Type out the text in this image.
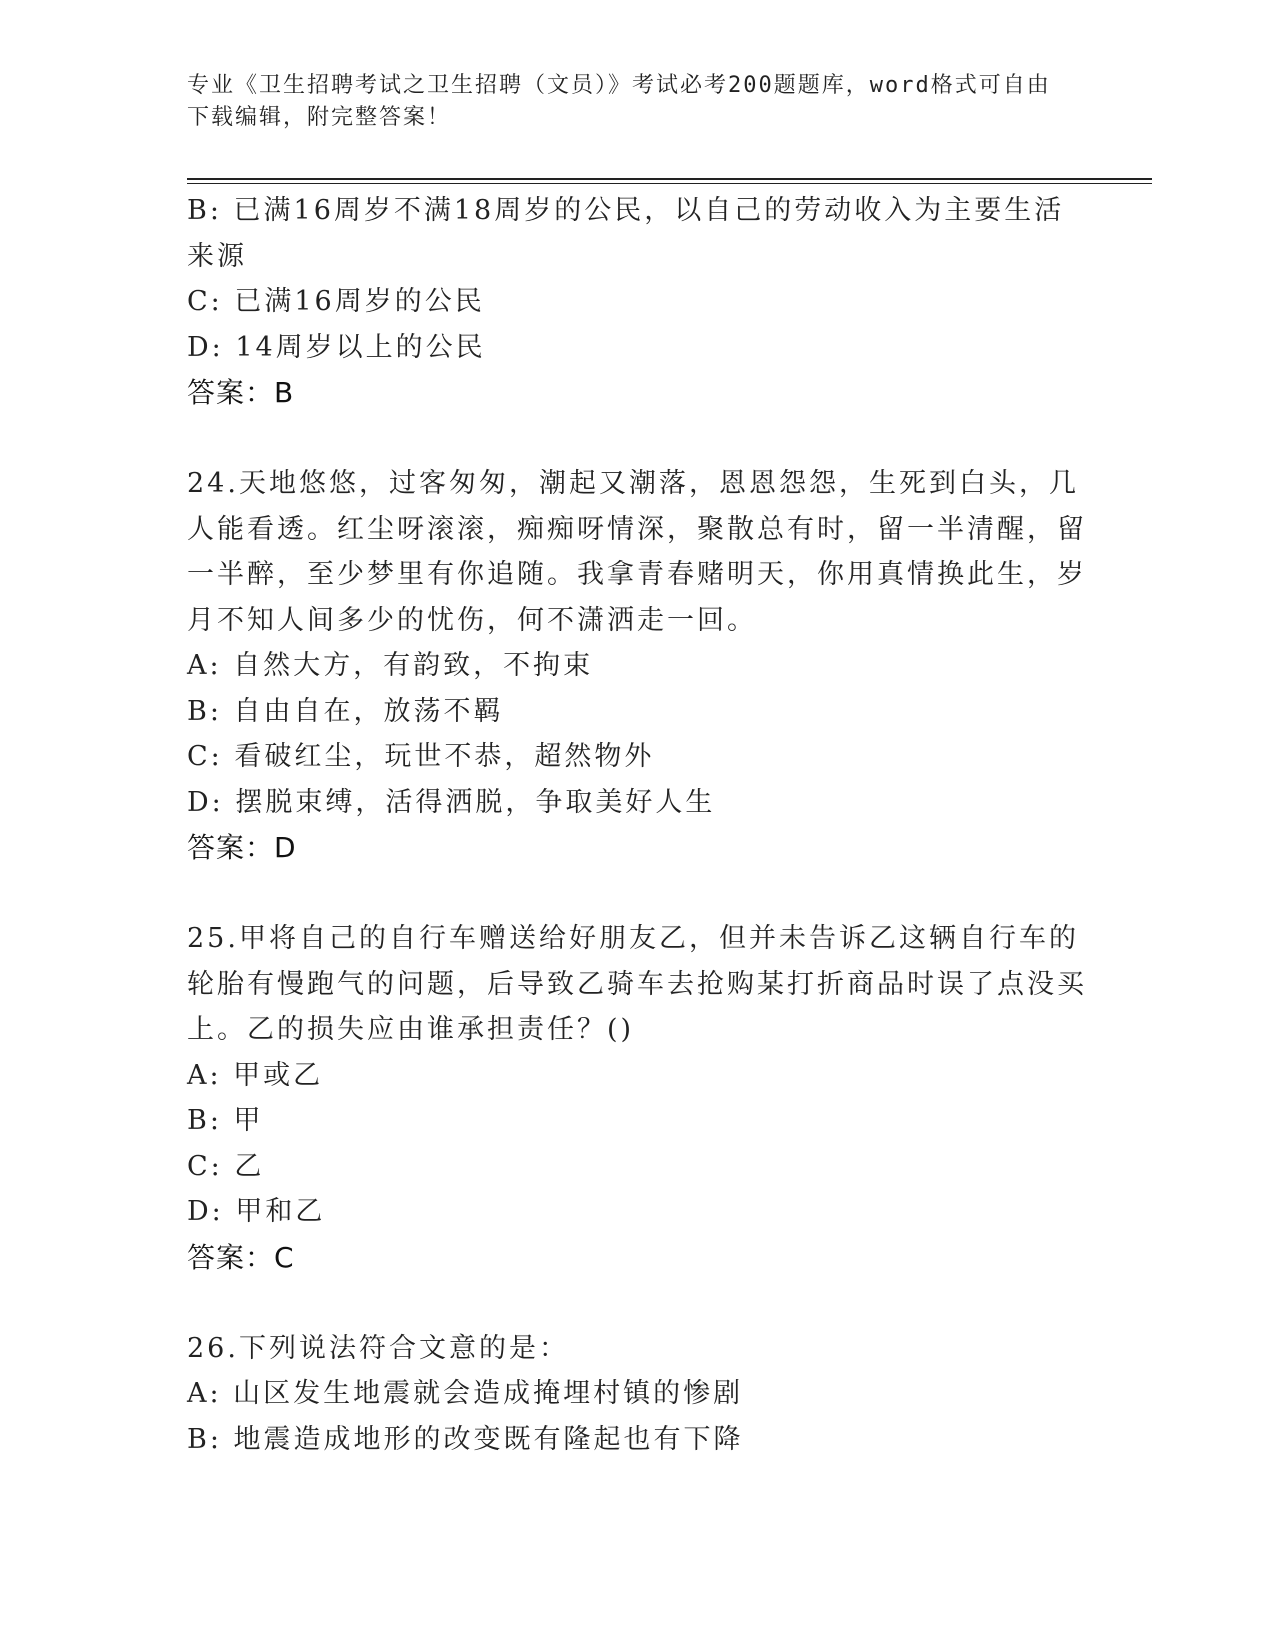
专业《卫生招聘考试之卫生招聘（文员）》考试必考200题题库，word格式可自由下载编辑，附完整答案！
B: 已满16周岁不满18周岁的公民，以自己的劳动收入为主要生活来源
C: 已满16周岁的公民
D: 14周岁以上的公民
答案：B
24.天地悠悠，过客匆匆，潮起又潮落，恩恩怨怨，生死到白头，几人能看透。红尘呀滚滚，痴痴呀情深，聚散总有时，留一半清醒，留一半醉，至少梦里有你追随。我拿青春赌明天，你用真情换此生，岁月不知人间多少的忧伤，何不潇洒走一回。
A: 自然大方，有韵致，不拘束
B: 自由自在，放荡不羁
C: 看破红尘，玩世不恭，超然物外
D: 摆脱束缚，活得洒脱，争取美好人生
答案：D
25.甲将自己的自行车赠送给好朋友乙，但并未告诉乙这辆自行车的轮胎有慢跑气的问题，后导致乙骑车去抢购某打折商品时误了点没买上。乙的损失应由谁承担责任？()
A: 甲或乙
B: 甲
C: 乙
D: 甲和乙
答案：C
26.下列说法符合文意的是：
A: 山区发生地震就会造成掩埋村镇的惨剧
B: 地震造成地形的改变既有隆起也有下降
